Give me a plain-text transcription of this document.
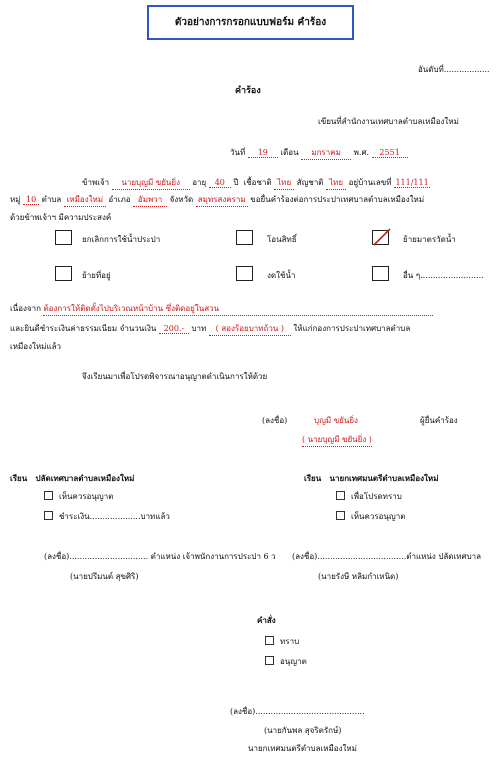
ตัวอย่างการกรอกแบบฟอร์ม คำร้อง
อันดับที่..................
คำร้อง
เขียนที่สำนักงานเทศบาลตำบลเหมืองใหม่
วันที่ 19 เดือน มกราคม พ.ศ. 2551
ข้าพเจ้า นายบุญมี ขยันยิ่ง อายุ 40 ปี เชื้อชาติ ไทย สัญชาติ ไทย อยู่บ้านเลขที่ 111/111
หมู่ 10 ตำบล เหมืองใหม่ อำเภอ อัมพวา จังหวัด สมุทรสงคราม ขอยื่นคำร้องต่อการประปาเทศบาลตำบลเหมืองใหม่
ด้วยข้าพเจ้าฯ มีความประสงค์
ยกเลิกการใช้น้ำประปา	โอนสิทธิ์	ย้ายมาตรวัดน้ำ
ย้ายที่อยู่	งดใช้น้ำ	อื่น ๆ.........................
เนื่องจาก ต้องการให้ติดตั้งไปบริเวณหน้าบ้าน ซึ่งติดอยู่ในสวน
และยินดีชำระเงินค่าธรรมเนียม จำนวนเงิน 200.- บาท ( สองร้อยบาทถ้วน ) ให้แก่กองการประปาเทศบาลตำบล
เหมืองใหม่แล้ว
จึงเรียนมาเพื่อโปรดพิจารณาอนุญาตดำเนินการให้ด้วย
(ลงชื่อ)	บุญมี ขยันยิ่ง	ผู้ยื่นคำร้อง
( นายบุญมี ขยันยิ่ง )
เรียน ปลัดเทศบาลตำบลเหมืองใหม่
เห็นควรอนุญาต
ชำระเงิน....................บาทแล้ว
(ลงชื่อ)............................... ตำแหน่ง เจ้าพนักงานการประปา 6 ว
(นายปรีมนต์ สุขศิริ)
เรียน นายกเทศมนตรีตำบลเหมืองใหม่
เพื่อโปรดทราบ
เห็นควรอนุญาต
(ลงชื่อ)...................................ตำแหน่ง ปลัดเทศบาล
(นายรังษี หลิมกำเหนิด)
คำสั่ง
ทราบ
อนุญาต
(ลงชื่อ)...........................................
(นายกันพล สุจริตรักษ์)
นายกเทศมนตรีตำบลเหมืองใหม่
